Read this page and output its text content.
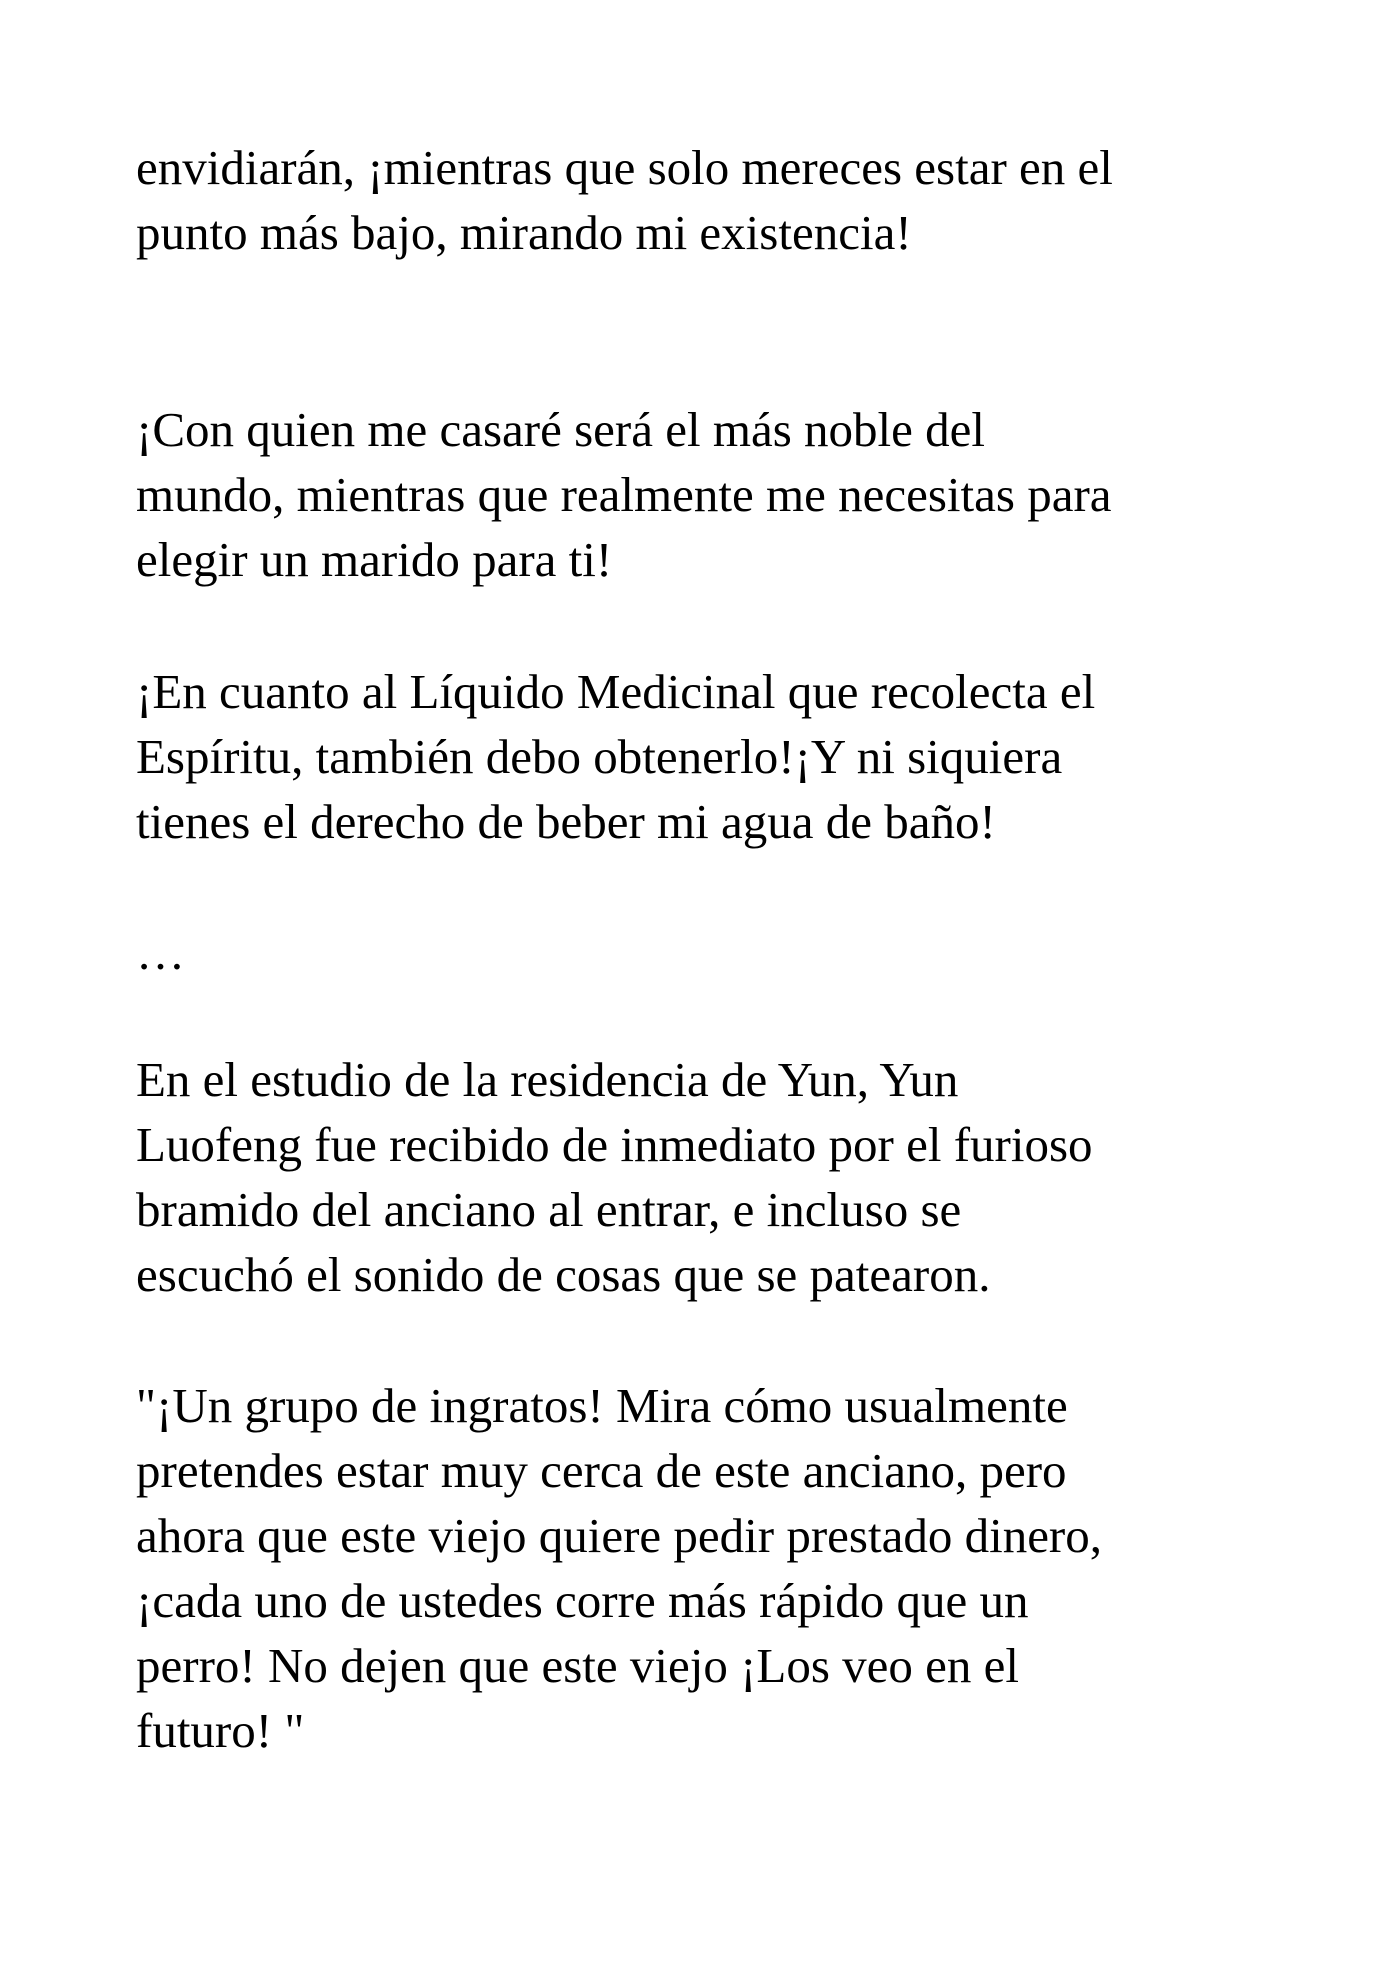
envidiarán, ¡mientras que solo mereces estar en el
punto más bajo, mirando mi existencia!

¡Con quien me casaré será el más noble del
mundo, mientras que realmente me necesitas para
elegir un marido para ti!

¡En cuanto al Líquido Medicinal que recolecta el
Espíritu, también debo obtenerlo!¡Y ni siquiera
tienes el derecho de beber mi agua de baño!

…

En el estudio de la residencia de Yun, Yun
Luofeng fue recibido de inmediato por el furioso
bramido del anciano al entrar, e incluso se
escuchó el sonido de cosas que se patearon.

"¡Un grupo de ingratos! Mira cómo usualmente
pretendes estar muy cerca de este anciano, pero
ahora que este viejo quiere pedir prestado dinero,
¡cada uno de ustedes corre más rápido que un
perro! No dejen que este viejo ¡Los veo en el
futuro! "
